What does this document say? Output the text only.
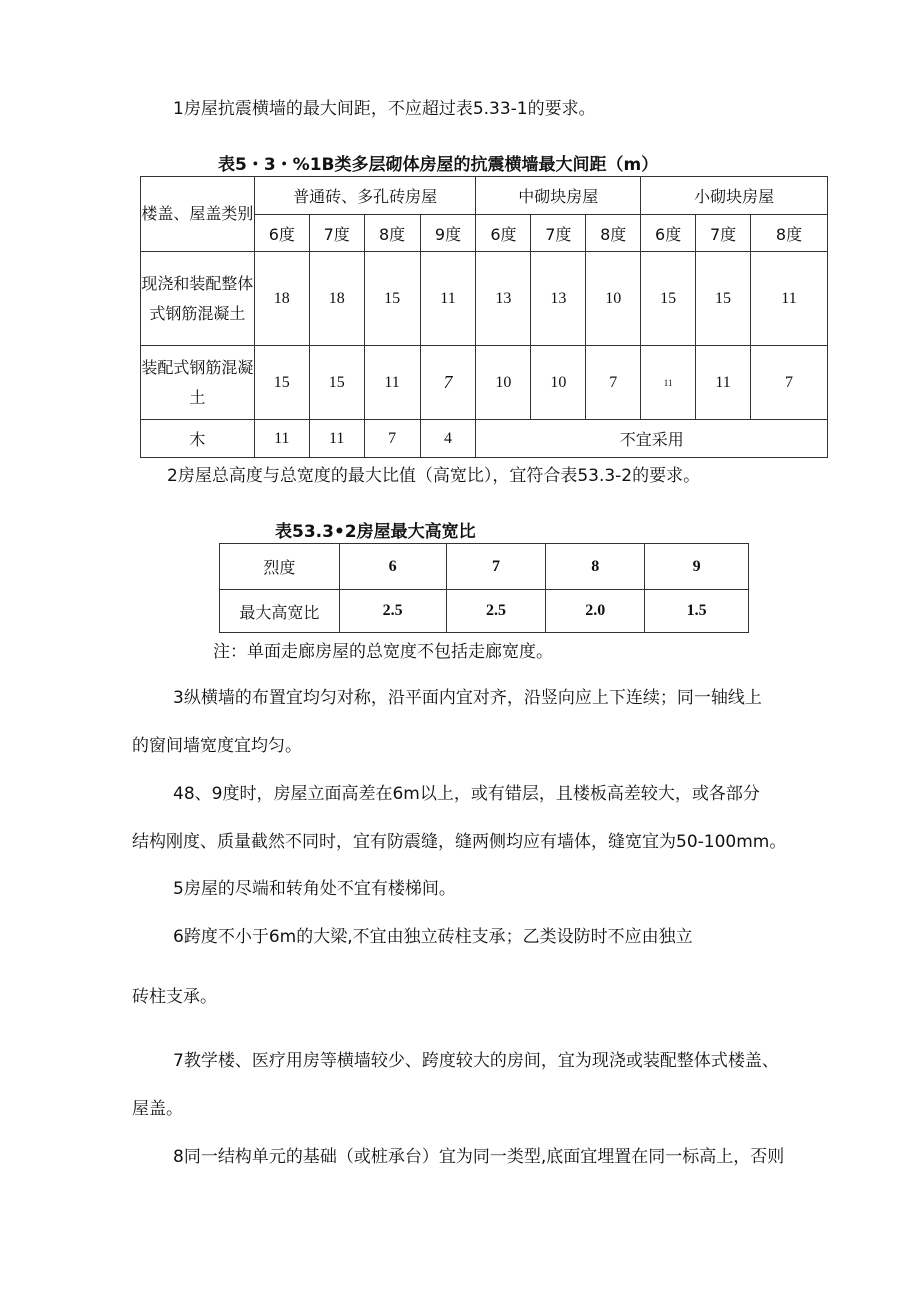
1房屋抗震横墙的最大间距，不应超过表5.33-1的要求。

表5・3・%1B类多层砌体房屋的抗震横墙最大间距（m）

楼盖、屋盖类别	普通砖、多孔砖房屋				中砌块房屋			小砌块房屋		
	6度	7度	8度	9度	6度	7度	8度	6度	7度	8度
现浇和装配整体式钢筋混凝土	18	18	15	11	13	13	10	15	15	11
装配式钢筋混凝土	15	15	11	7	10	10	7	11	11	7
木	11	11	7	4	不宜采用					

2房屋总高度与总宽度的最大比值（高宽比），宜符合表53.3-2的要求。

表53.3•2房屋最大高宽比

烈度	6	7	8	9
最大高宽比	2.5	2.5	2.0	1.5

注：单面走廊房屋的总宽度不包括走廊宽度。

3纵横墙的布置宜均匀对称，沿平面内宜对齐，沿竖向应上下连续；同一轴线上

的窗间墙宽度宜均匀。

48、9度时，房屋立面高差在6m以上，或有错层，且楼板高差较大，或各部分

结构刚度、质量截然不同时，宜有防震缝，缝两侧均应有墙体，缝宽宜为50-100mm。

5房屋的尽端和转角处不宜有楼梯间。

6跨度不小于6m的大梁,不宜由独立砖柱支承；乙类设防时不应由独立

砖柱支承。

7教学楼、医疗用房等横墙较少、跨度较大的房间，宜为现浇或装配整体式楼盖、

屋盖。

8同一结构单元的基础（或桩承台）宜为同一类型,底面宜埋置在同一标高上，否则
